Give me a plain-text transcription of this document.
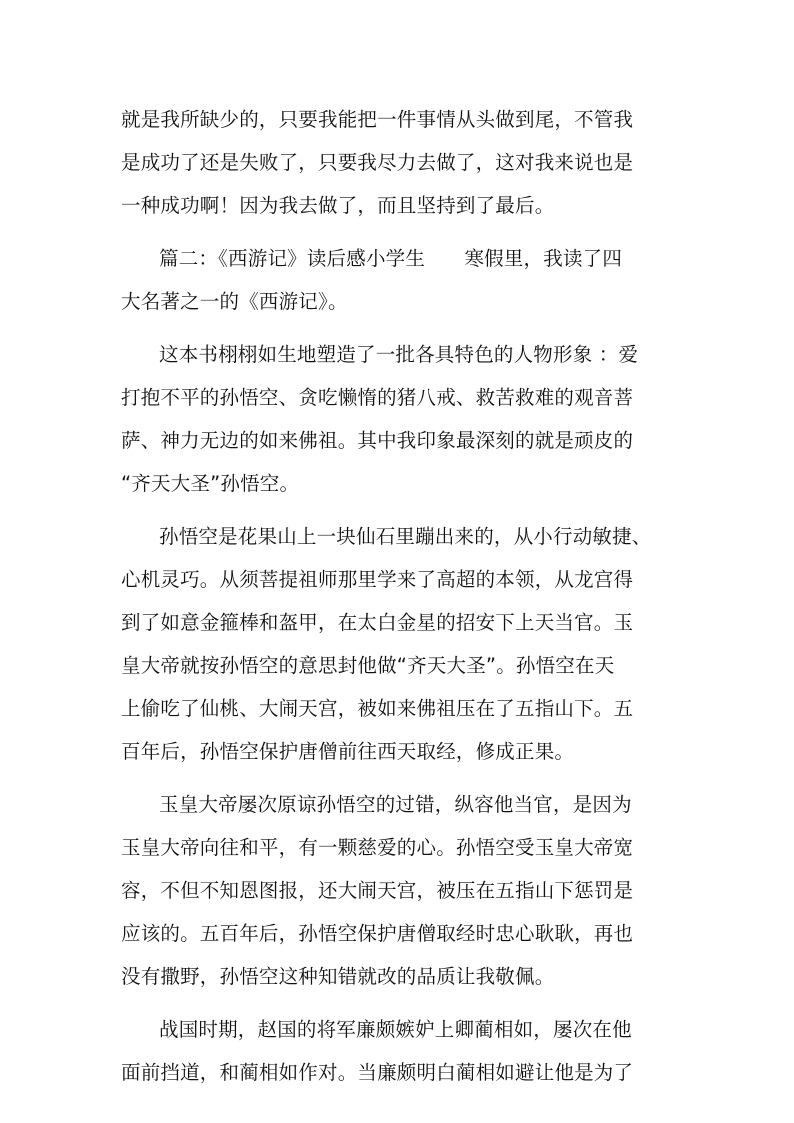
就是我所缺少的，只要我能把一件事情从头做到尾，不管我
是成功了还是失败了，只要我尽力去做了，这对我来说也是
一种成功啊！因为我去做了，而且坚持到了最后。
篇二：《西游记》读后感小学生　　寒假里，我读了四
大名著之一的《西游记》。
这本书栩栩如生地塑造了一批各具特色的人物形象 ：爱
打抱不平的孙悟空、贪吃懒惰的猪八戒、救苦救难的观音菩
萨、神力无边的如来佛祖。其中我印象最深刻的就是顽皮的
“齐天大圣”孙悟空。
孙悟空是花果山上一块仙石里蹦出来的，从小行动敏捷、
心机灵巧。从须菩提祖师那里学来了高超的本领，从龙宫得
到了如意金箍棒和盔甲，在太白金星的招安下上天当官。玉
皇大帝就按孙悟空的意思封他做“齐天大圣”。孙悟空在天
上偷吃了仙桃、大闹天宫，被如来佛祖压在了五指山下。五
百年后，孙悟空保护唐僧前往西天取经，修成正果。
玉皇大帝屡次原谅孙悟空的过错，纵容他当官，是因为
玉皇大帝向往和平，有一颗慈爱的心。孙悟空受玉皇大帝宽
容，不但不知恩图报，还大闹天宫，被压在五指山下惩罚是
应该的。五百年后，孙悟空保护唐僧取经时忠心耿耿，再也
没有撒野，孙悟空这种知错就改的品质让我敬佩。
战国时期，赵国的将军廉颇嫉妒上卿蔺相如，屡次在他
面前挡道，和蔺相如作对。当廉颇明白蔺相如避让他是为了
